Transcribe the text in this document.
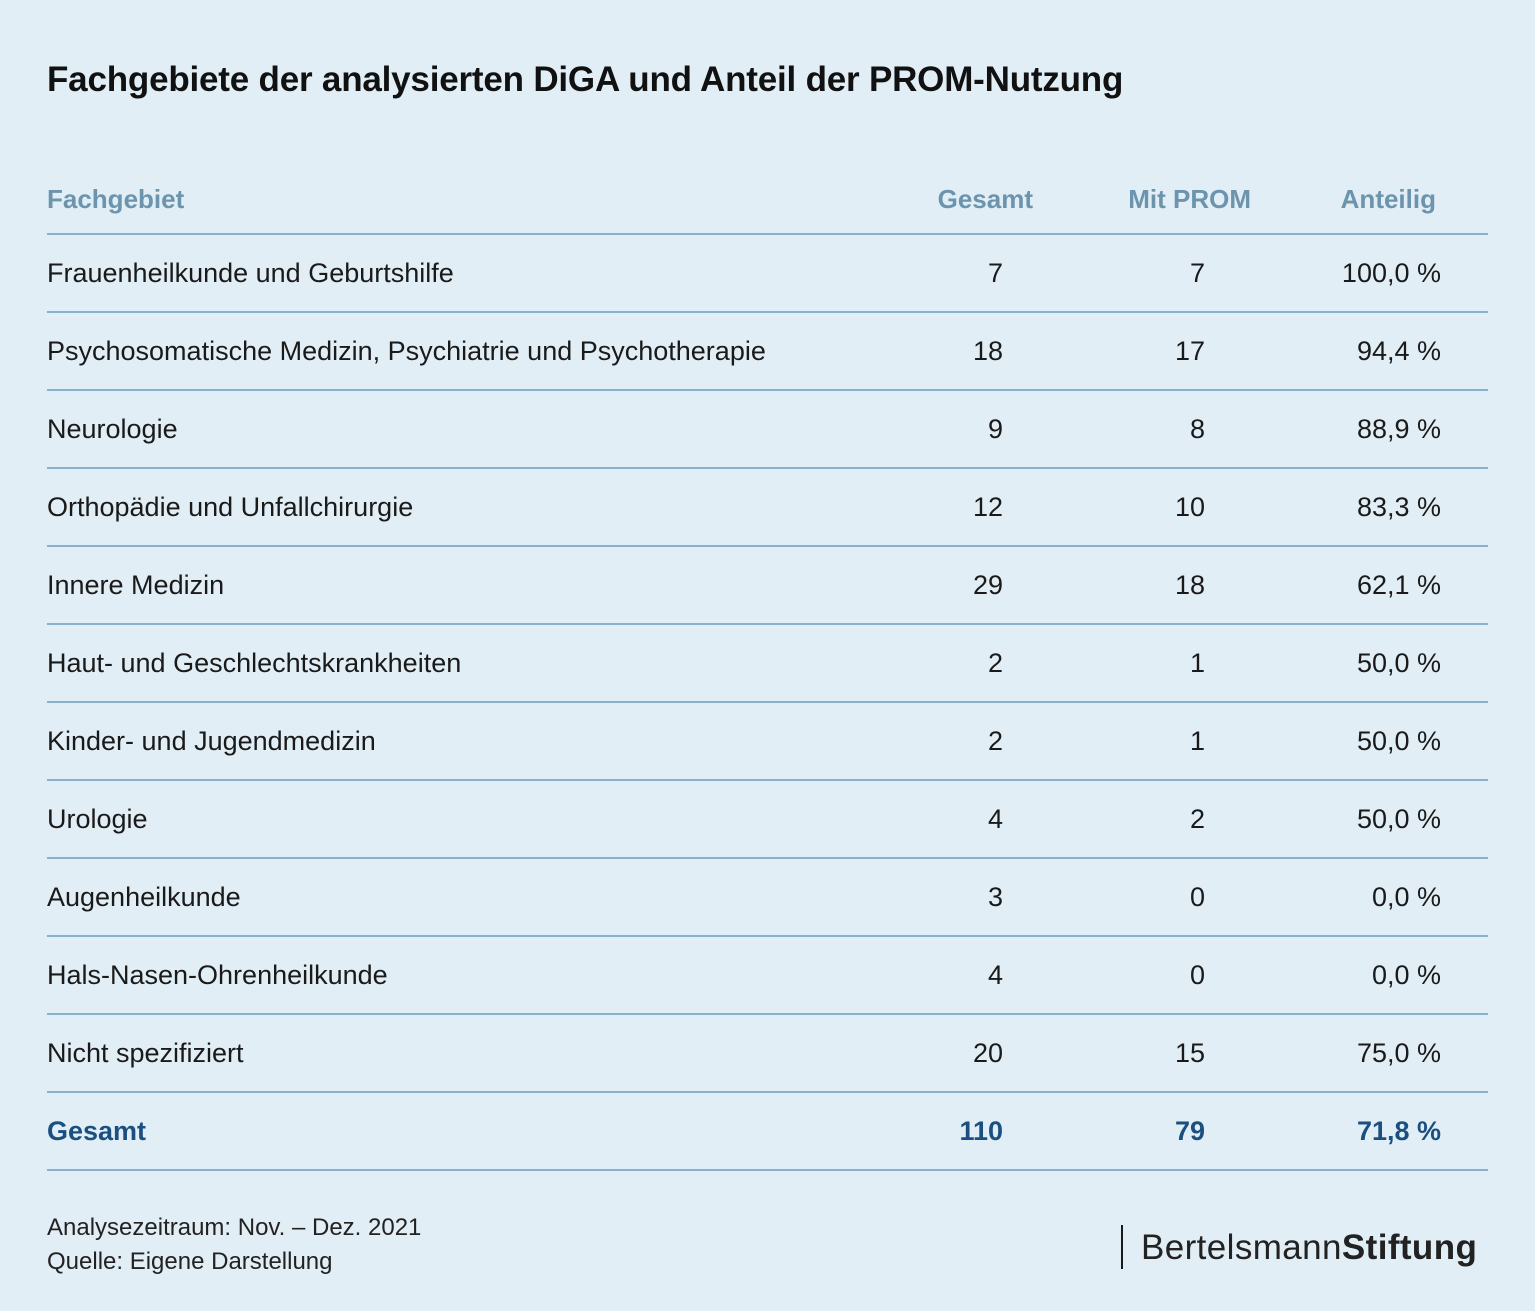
Fachgebiete der analysierten DiGA und Anteil der PROM-Nutzung
Fachgebiet	Gesamt	Mit PROM	Anteilig
Frauenheilkunde und Geburtshilfe	7	7	100,0 %
Psychosomatische Medizin, Psychiatrie und Psychotherapie	18	17	94,4 %
Neurologie	9	8	88,9 %
Orthopädie und Unfallchirurgie	12	10	83,3 %
Innere Medizin	29	18	62,1 %
Haut- und Geschlechtskrankheiten	2	1	50,0 %
Kinder- und Jugendmedizin	2	1	50,0 %
Urologie	4	2	50,0 %
Augenheilkunde	3	0	0,0 %
Hals-Nasen-Ohrenheilkunde	4	0	0,0 %
Nicht spezifiziert	20	15	75,0 %
Gesamt	110	79	71,8 %
Analysezeitraum: Nov. – Dez. 2021
Quelle: Eigene Darstellung	BertelsmannStiftung
